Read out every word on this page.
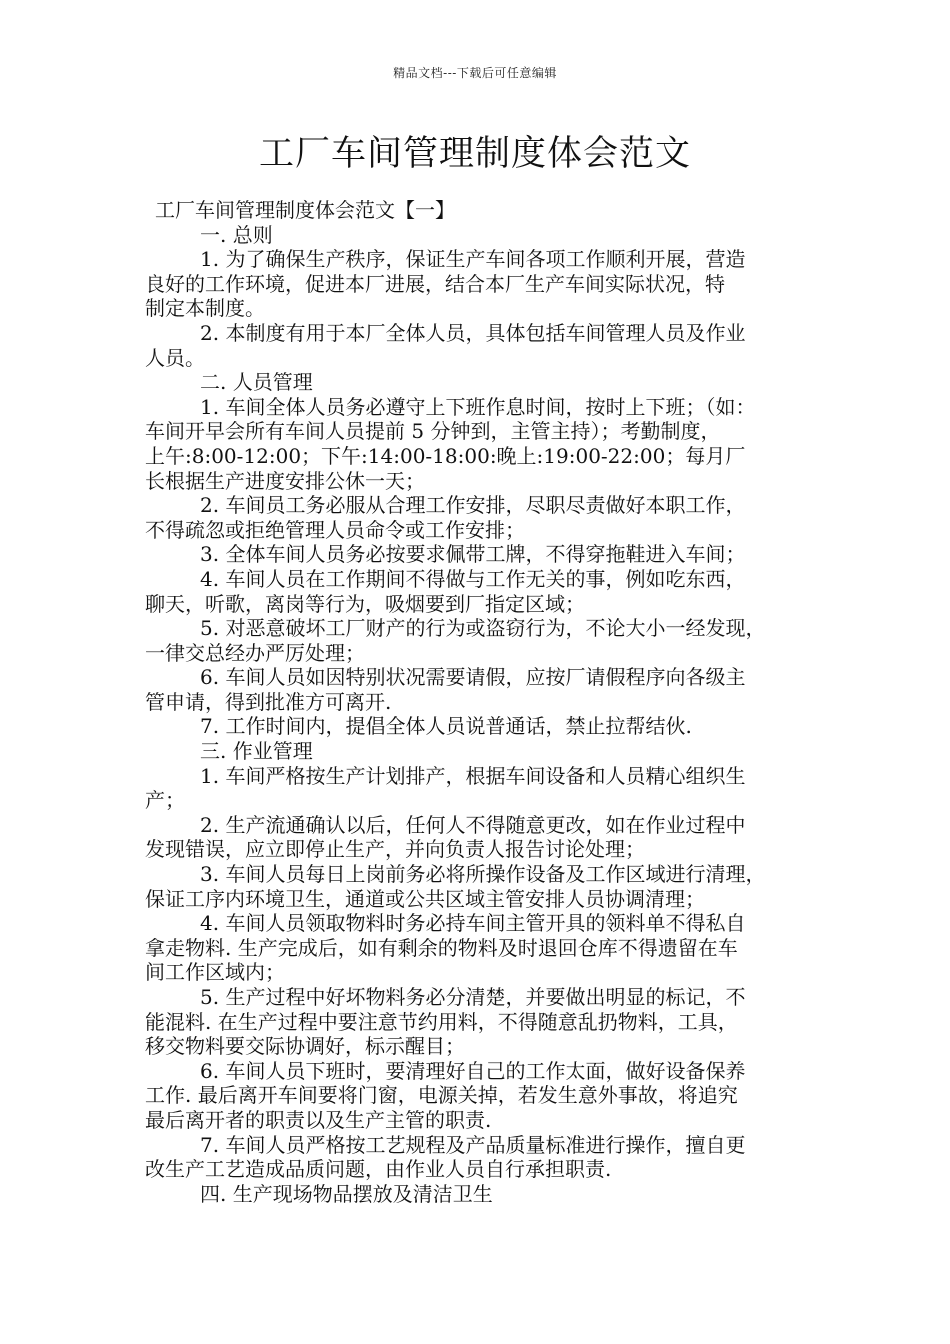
精品文档---下载后可任意编辑
工厂车间管理制度体会范文
工厂车间管理制度体会范文【一】
一. 总则
1. 为了确保生产秩序，保证生产车间各项工作顺利开展，营造
良好的工作环境，促进本厂进展，结合本厂生产车间实际状况，特
制定本制度。
2. 本制度有用于本厂全体人员，具体包括车间管理人员及作业
人员。
二. 人员管理
1. 车间全体人员务必遵守上下班作息时间，按时上下班；（如：
车间开早会所有车间人员提前 5 分钟到，主管主持）；考勤制度，
上午:8:00-12:00；下午:14:00-18:00:晚上:19:00-22:00；每月厂
长根据生产进度安排公休一天；
2. 车间员工务必服从合理工作安排，尽职尽责做好本职工作，
不得疏忽或拒绝管理人员命令或工作安排；
3. 全体车间人员务必按要求佩带工牌，不得穿拖鞋进入车间；
4. 车间人员在工作期间不得做与工作无关的事，例如吃东西，
聊天，听歌，离岗等行为，吸烟要到厂指定区域；
5. 对恶意破坏工厂财产的行为或盗窃行为，不论大小一经发现，
一律交总经办严厉处理；
6. 车间人员如因特别状况需要请假，应按厂请假程序向各级主
管申请，得到批准方可离开.
7. 工作时间内，提倡全体人员说普通话，禁止拉帮结伙.
三. 作业管理
1. 车间严格按生产计划排产，根据车间设备和人员精心组织生
产；
2. 生产流通确认以后，任何人不得随意更改，如在作业过程中
发现错误，应立即停止生产，并向负责人报告讨论处理；
3. 车间人员每日上岗前务必将所操作设备及工作区域进行清理，
保证工序内环境卫生，通道或公共区域主管安排人员协调清理；
4. 车间人员领取物料时务必持车间主管开具的领料单不得私自
拿走物料. 生产完成后，如有剩余的物料及时退回仓库不得遗留在车
间工作区域内；
5. 生产过程中好坏物料务必分清楚，并要做出明显的标记，不
能混料. 在生产过程中要注意节约用料，不得随意乱扔物料，工具，
移交物料要交际协调好，标示醒目；
6. 车间人员下班时，要清理好自己的工作太面，做好设备保养
工作. 最后离开车间要将门窗，电源关掉，若发生意外事故，将追究
最后离开者的职责以及生产主管的职责.
7. 车间人员严格按工艺规程及产品质量标准进行操作，擅自更
改生产工艺造成品质问题，由作业人员自行承担职责.
四. 生产现场物品摆放及清洁卫生
